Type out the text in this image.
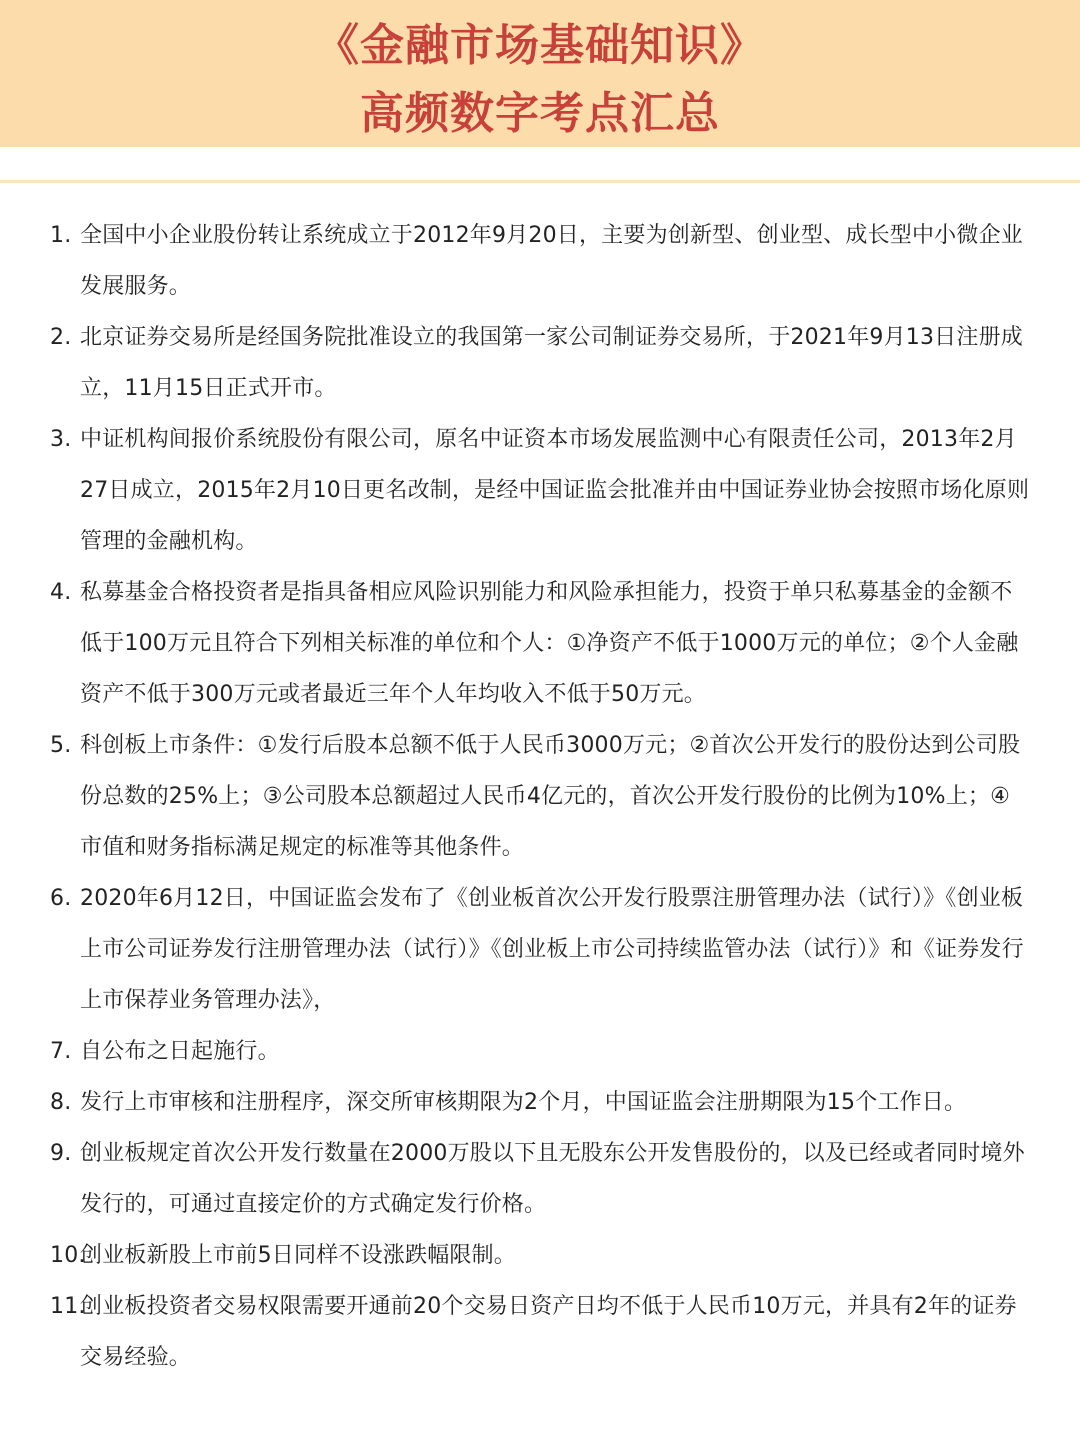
《金融市场基础知识》
高频数字考点汇总
1. 全国中小企业股份转让系统成立于2012年9月20日，主要为创新型、创业型、成长型中小微企业发展服务。
2. 北京证券交易所是经国务院批准设立的我国第一家公司制证券交易所，于2021年9月13日注册成立，11月15日正式开市。
3. 中证机构间报价系统股份有限公司，原名中证资本市场发展监测中心有限责任公司，2013年2月27日成立，2015年2月10日更名改制，是经中国证监会批准并由中国证券业协会按照市场化原则管理的金融机构。
4. 私募基金合格投资者是指具备相应风险识别能力和风险承担能力，投资于单只私募基金的金额不低于100万元且符合下列相关标准的单位和个人：①净资产不低于1000万元的单位；②个人金融资产不低于300万元或者最近三年个人年均收入不低于50万元。
5. 科创板上市条件：①发行后股本总额不低于人民币3000万元；②首次公开发行的股份达到公司股份总数的25%上；③公司股本总额超过人民币4亿元的，首次公开发行股份的比例为10%上；④市值和财务指标满足规定的标准等其他条件。
6. 2020年6月12日，中国证监会发布了《创业板首次公开发行股票注册管理办法（试行）》《创业板上市公司证券发行注册管理办法（试行）》《创业板上市公司持续监管办法（试行）》和《证券发行上市保荐业务管理办法》，
7. 自公布之日起施行。
8. 发行上市审核和注册程序，深交所审核期限为2个月，中国证监会注册期限为15个工作日。
9. 创业板规定首次公开发行数量在2000万股以下且无股东公开发售股份的，以及已经或者同时境外发行的，可通过直接定价的方式确定发行价格。
10.
创业板新股上市前5日同样不设涨跌幅限制。
11.
创业板投资者交易权限需要开通前20个交易日资产日均不低于人民币10万元，并具有2年的证券交易经验。
